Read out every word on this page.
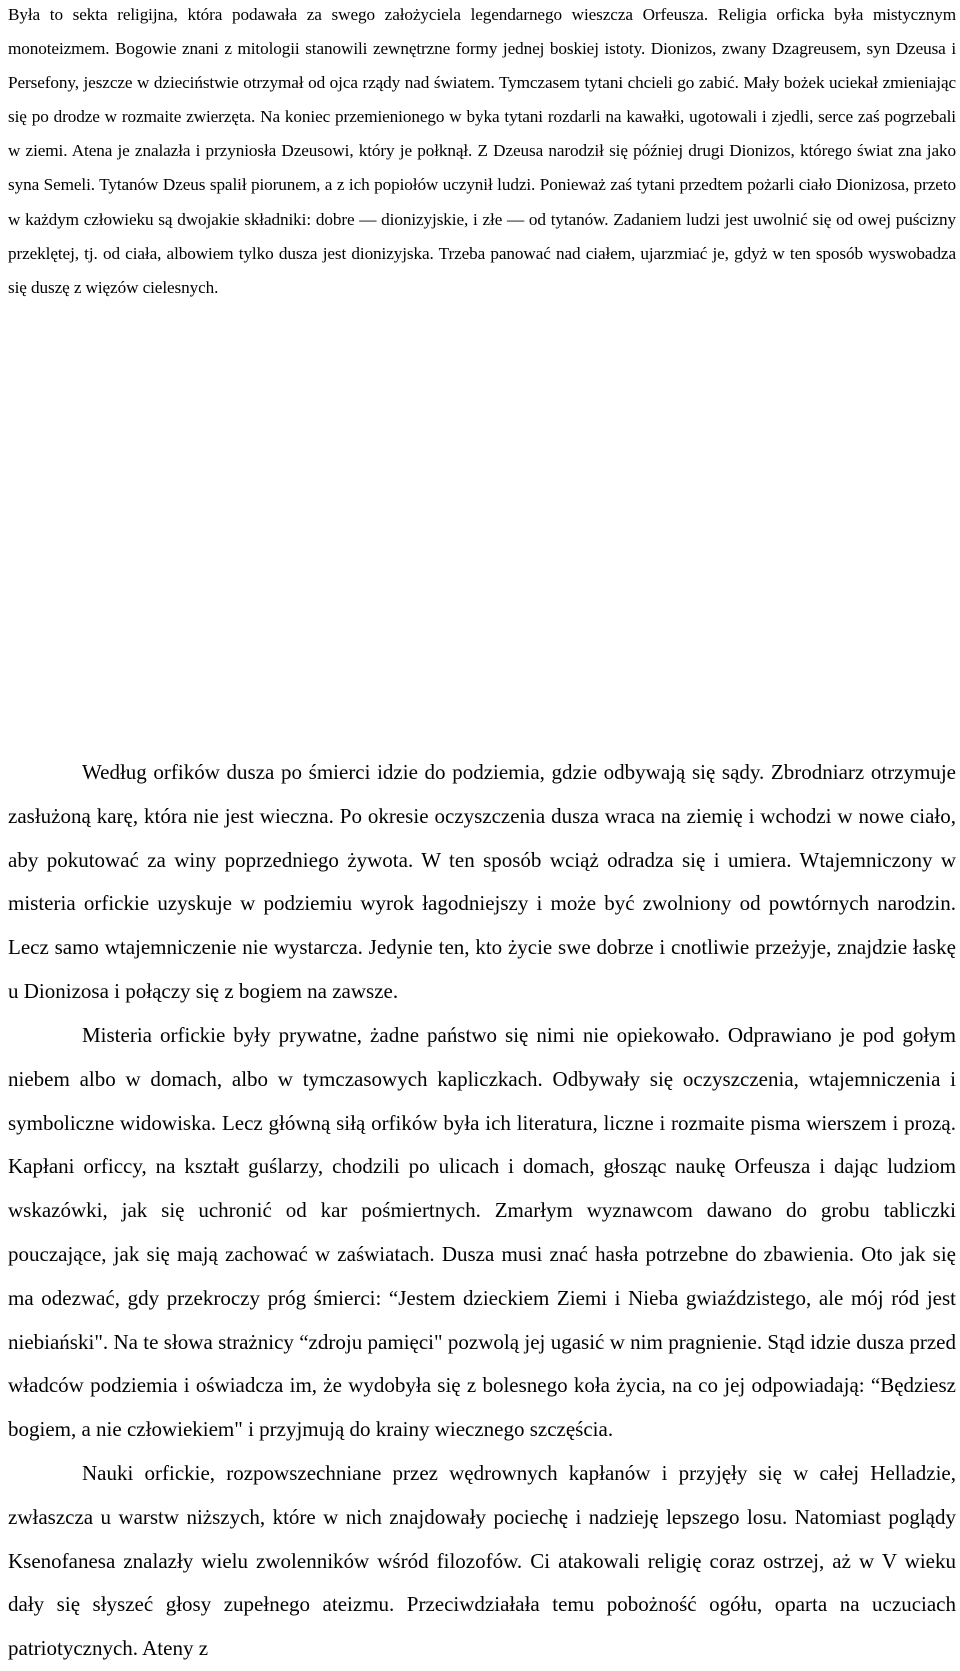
Była to sekta religijna, która podawała za swego założyciela legendarnego wieszcza Orfeusza. Religia orficka była mistycznym monoteizmem. Bogowie znani z mitologii stanowili zewnętrzne formy jednej boskiej istoty. Dionizos, zwany Dzagreusem, syn Dzeusa i Persefony, jeszcze w dzieciństwie otrzymał od ojca rządy nad światem. Tymczasem tytani chcieli go zabić. Mały bożek uciekał zmieniając się po drodze w rozmaite zwierzęta. Na koniec przemienionego w byka tytani rozdarli na kawałki, ugotowali i zjedli, serce zaś pogrzebali w ziemi. Atena je znalazła i przyniosła Dzeusowi, który je połknął. Z Dzeusa narodził się później drugi Dionizos, którego świat zna jako syna Semeli. Tytanów Dzeus spalił piorunem, a z ich popiołów uczynił ludzi. Ponieważ zaś tytani przedtem pożarli ciało Dionizosa, przeto w każdym człowieku są dwojakie składniki: dobre — dionizyjskie, i złe — od tytanów. Zadaniem ludzi jest uwolnić się od owej puścizny przeklętej, tj. od ciała, albowiem tylko dusza jest dionizyjska. Trzeba panować nad ciałem, ujarzmiać je, gdyż w ten sposób wyswobadza się duszę z więzów cielesnych.

Według orfików dusza po śmierci idzie do podziemia, gdzie odbywają się sądy. Zbrodniarz otrzymuje zasłużoną karę, która nie jest wieczna. Po okresie oczyszczenia dusza wraca na ziemię i wchodzi w nowe ciało, aby pokutować za winy poprzedniego żywota. W ten sposób wciąż odradza się i umiera. Wtajemniczony w misteria orfickie uzyskuje w podziemiu wyrok łagodniejszy i może być zwolniony od powtórnych narodzin. Lecz samo wtajemniczenie nie wystarcza. Jedynie ten, kto życie swe dobrze i cnotliwie przeżyje, znajdzie łaskę u Dionizosa i połączy się z bogiem na zawsze.

Misteria orfickie były prywatne, żadne państwo się nimi nie opiekowało. Odprawiano je pod gołym niebem albo w domach, albo w tymczasowych kapliczkach. Odbywały się oczyszczenia, wtajemniczenia i symboliczne widowiska. Lecz główną siłą orfików była ich literatura, liczne i rozmaite pisma wierszem i prozą. Kapłani orficcy, na kształt guślarzy, chodzili po ulicach i domach, głosząc naukę Orfeusza i dając ludziom wskazówki, jak się uchronić od kar pośmiertnych. Zmarłym wyznawcom dawano do grobu tabliczki pouczające, jak się mają zachować w zaświatach. Dusza musi znać hasła potrzebne do zbawienia. Oto jak się ma odezwać, gdy przekroczy próg śmierci: “Jestem dzieckiem Ziemi i Nieba gwiaździstego, ale mój ród jest niebiański". Na te słowa strażnicy “zdroju pamięci" pozwolą jej ugasić w nim pragnienie. Stąd idzie dusza przed władców podziemia i oświadcza im, że wydobyła się z bolesnego koła życia, na co jej odpowiadają: “Będziesz bogiem, a nie człowiekiem" i przyjmują do krainy wiecznego szczęścia.

Nauki orfickie, rozpowszechniane przez wędrownych kapłanów i przyjęły się w całej Helladzie, zwłaszcza u warstw niższych, które w nich znajdowały pociechę i nadzieję lepszego losu. Natomiast poglądy Ksenofanesa znalazły wielu zwolenników wśród filozofów. Ci atakowali religię coraz ostrzej, aż w V wieku dały się słyszeć głosy zupełnego ateizmu. Przeciwdziałała temu pobożność ogółu, oparta na uczuciach patriotycznych. Ateny z
